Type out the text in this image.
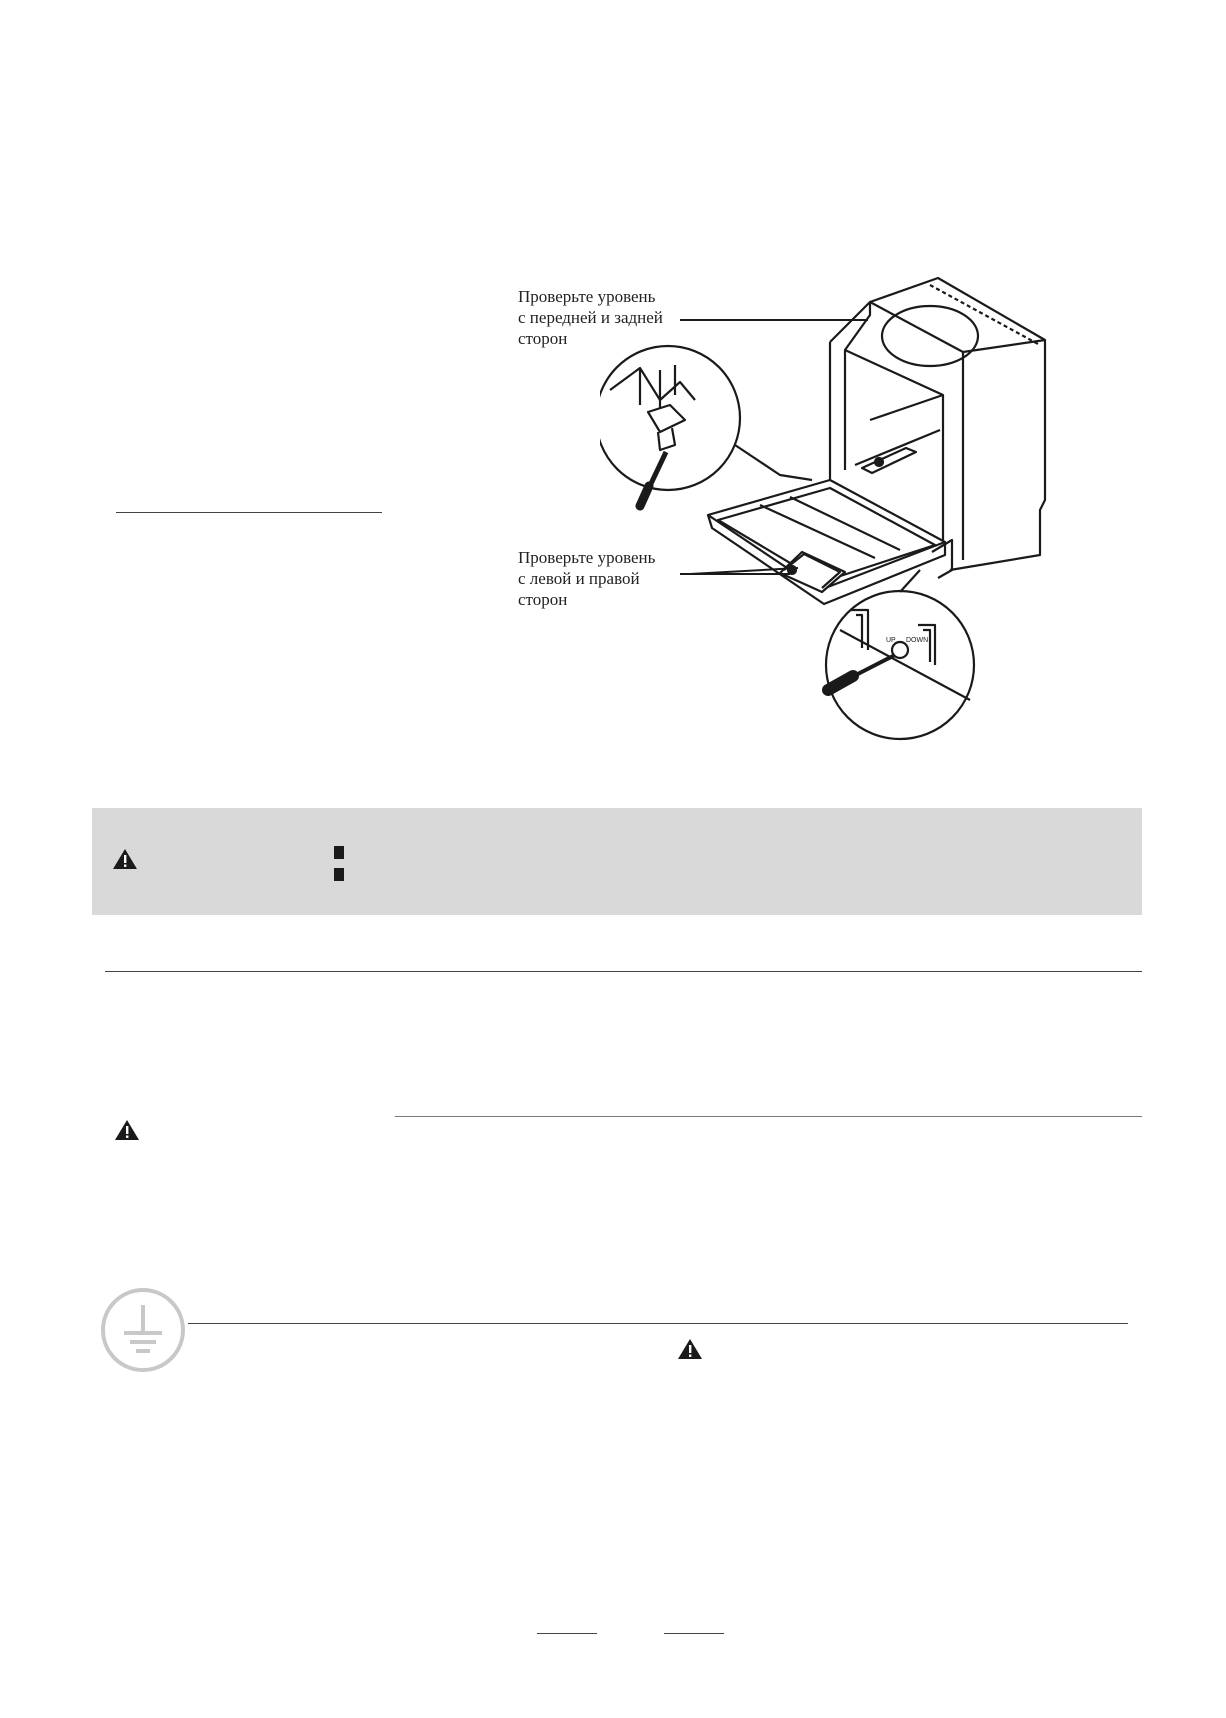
UP DOWN
Проверьте уровень
с передней и задней
сторон
Проверьте уровень
с левой и правой
сторон
